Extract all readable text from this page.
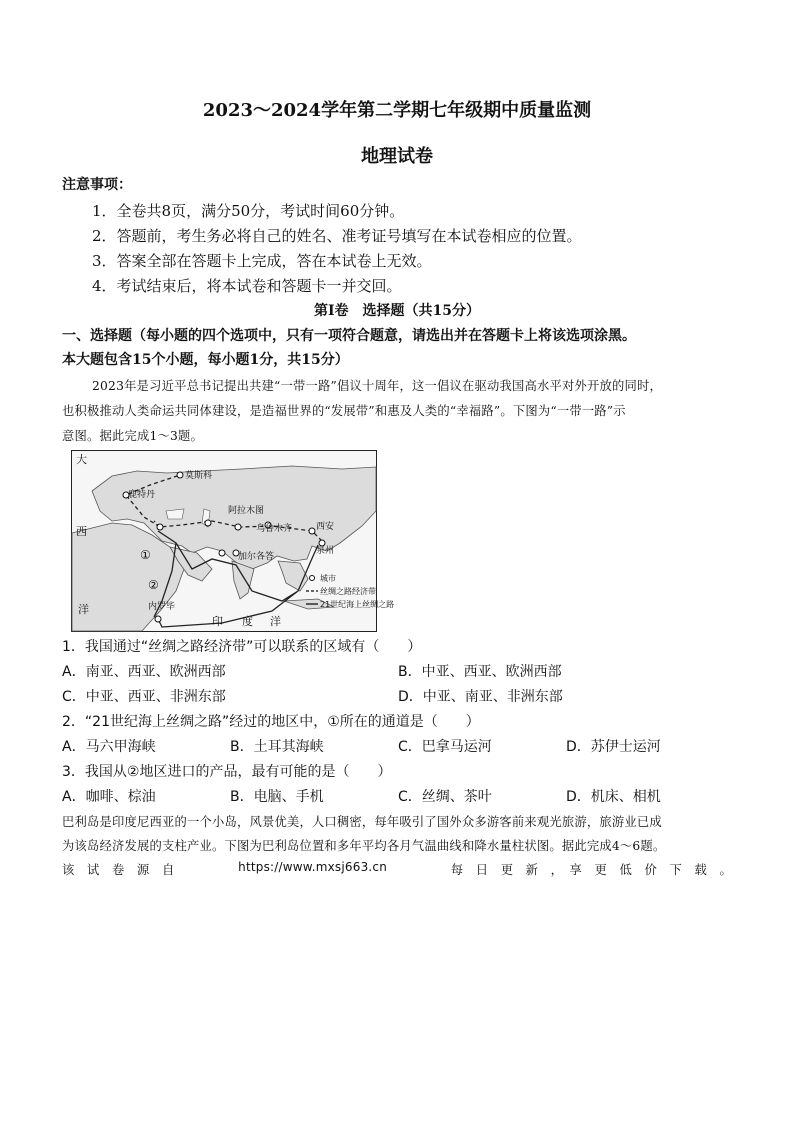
2023～2024学年第二学期七年级期中质量监测
地理试卷
注意事项：
1．全卷共8页，满分50分，考试时间60分钟。
2．答题前，考生务必将自己的姓名、准考证号填写在本试卷相应的位置。
3．答案全部在答题卡上完成，答在本试卷上无效。
4．考试结束后，将本试卷和答题卡一并交回。
第Ⅰ卷　选择题（共15分）
一、选择题（每小题的四个选项中，只有一项符合题意，请选出并在答题卡上将该选项涂黑。
本大题包含15个小题，每小题1分，共15分）
2023年是习近平总书记提出共建“一带一路”倡议十周年，这一倡议在驱动我国高水平对外开放的同时，
也积极推动人类命运共同体建设，是造福世界的“发展带”和惠及人类的“幸福路”。下图为“一带一路”示
意图。据此完成1～3题。
莫斯科
鹿特丹
阿拉木图
乌鲁木齐	西安
泉州
加尔各答
内罗毕
①
②
大
西
洋
印 度 洋
城市
丝绸之路经济带
21世纪海上丝绸之路
1．我国通过“丝绸之路经济带”可以联系的区域有（　　）
A．南亚、西亚、欧洲西部	B．中亚、西亚、欧洲西部
C．中亚、西亚、非洲东部	D．中亚、南亚、非洲东部
2．“21世纪海上丝绸之路”经过的地区中，①所在的通道是（　　）
A．马六甲海峡	B．土耳其海峡	C．巴拿马运河	D．苏伊士运河
3．我国从②地区进口的产品，最有可能的是（　　）
A．咖啡、棕油	B．电脑、手机	C．丝绸、茶叶	D．机床、相机
巴利岛是印度尼西亚的一个小岛，风景优美，人口稠密，每年吸引了国外众多游客前来观光旅游，旅游业已成
为该岛经济发展的支柱产业。下图为巴利岛位置和多年平均各月气温曲线和降水量柱状图。据此完成4～6题。
该　试　卷　源　自	https://www.mxsj663.cn	每　日　更　新　，　享　更　低　价　下　载　。
